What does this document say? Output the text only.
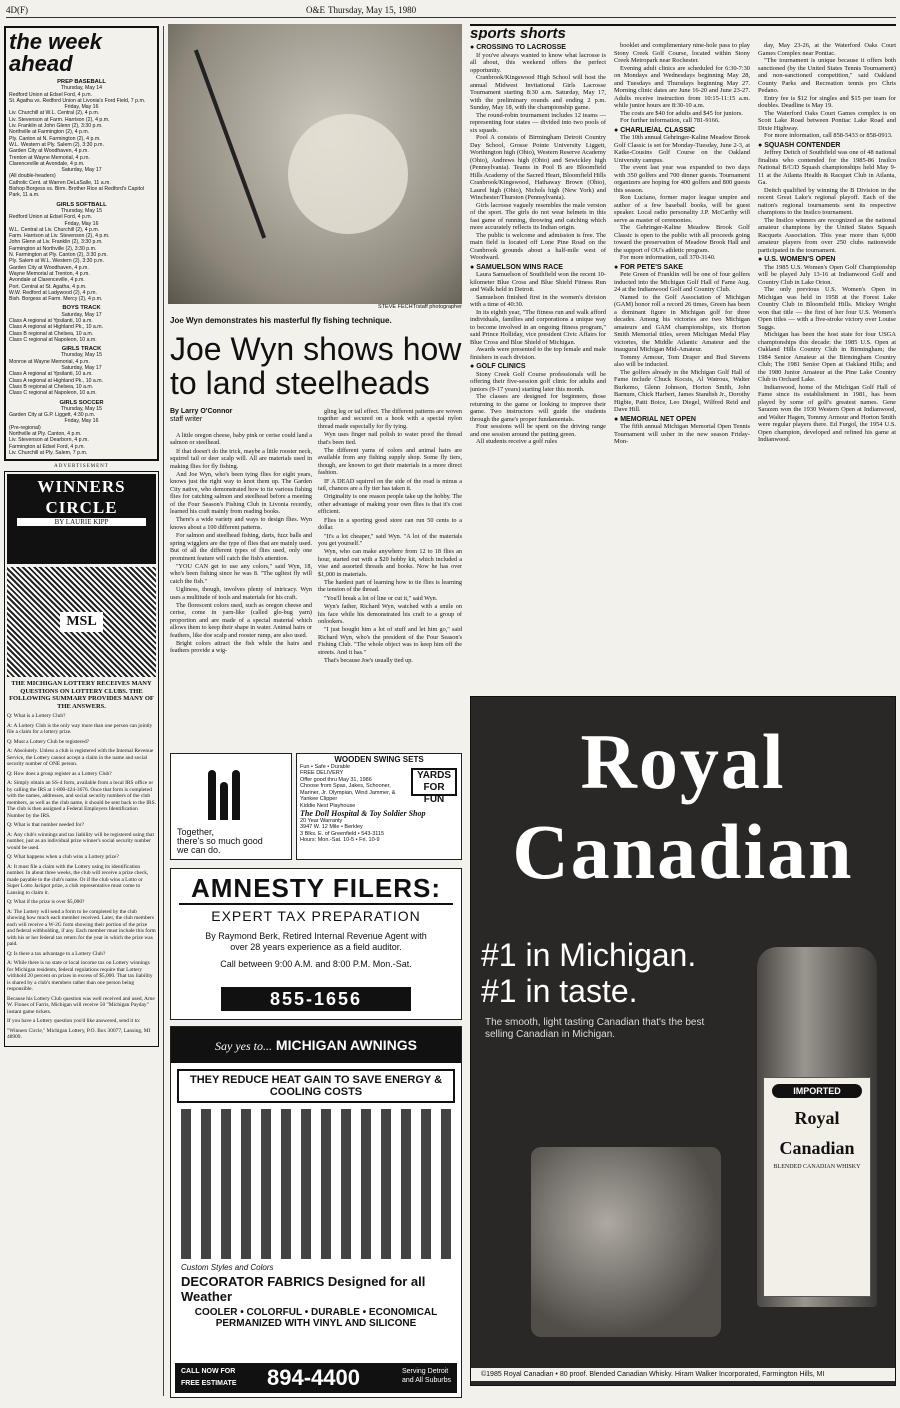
4D(F)	O&E Thursday, May 15, 1980
the week
ahead
PREP BASEBALL
Thursday, May 14
Redford Union at Edsel Ford, 4 p.m.
St. Agatha vs. Redford Union at Livonia's Ford Field, 7 p.m.
Friday, May 16
Liv. Churchill at W.L. Central (2), 4 p.m.
Liv. Stevenson at Farm. Harrison (2), 4 p.m.
Liv. Franklin at John Glenn (2), 3:30 p.m.
Northville at Farmington (2), 4 p.m.
Ply. Canton at N. Farmington (2), 4 p.m.
W.L. Western at Ply. Salem (2), 3:30 p.m.
Garden City at Woodhaven, 4 p.m.
Trenton at Wayne Memorial, 4 p.m.
Clarenceville at Avondale, 4 p.m.
Saturday, May 17
(All double-headers)
Catholic Cent. at Warren DeLaSalle, 11 a.m.
Bishop Borgess vs. Birm. Brother Rice at Redford's Capitol Park, 11 a.m.
GIRLS SOFTBALL
Thursday, May 15
Redford Union at Edsel Ford, 4 p.m.
Friday, May 16
W.L. Central at Liv. Churchill (2), 4 p.m.
Farm. Harrison at Liv. Stevenson (2), 4 p.m.
John Glenn at Liv. Franklin (2), 3:30 p.m.
Farmington at Northville (2), 3:30 p.m.
N. Farmington at Ply. Canton (2), 3:30 p.m.
Ply. Salem at W.L. Western (2), 3:30 p.m.
Garden City at Woodhaven, 4 p.m.
Wayne Memorial at Trenton, 4 p.m.
Avondale at Clarenceville, 4 p.m.
Port. Central at St. Agatha, 4 p.m.
W.W. Redford at Ladywood (2), 4 p.m.
Bish. Borgess at Farm. Mercy (2), 4 p.m.
BOYS TRACK
Saturday, May 17
Class A regional at Ypsilanti, 10 a.m.
Class A regional at Highland Pk., 10 a.m.
Class B regional at Chelsea, 10 a.m.
Class C regional at Napoleon, 10 a.m.
GIRLS TRACK
Thursday, May 15
Monroe at Wayne Memorial, 4 p.m.
Saturday, May 17
Class A regional at Ypsilanti, 10 a.m.
Class A regional at Highland Pk., 10 a.m.
Class B regional at Chelsea, 10 a.m.
Class C regional at Napoleon, 10 a.m.
GIRLS SOCCER
Thursday, May 15
Garden City at G.P. Liggett, 4:30 p.m.
Friday, May 16
(Pre-regional)
Northville at Ply. Canton, 4 p.m.
Liv. Stevenson at Dearborn, 4 p.m.
Farmington at Edsel Ford, 4 p.m.
Liv. Churchill at Ply. Salem, 7 p.m.
ADVERTISEMENT
WINNERS
CIRCLE
BY LAURIE KIPP
MSL
THE MICHIGAN LOTTERY RECEIVES MANY QUESTIONS ON LOTTERY CLUBS. THE FOLLOWING SUMMARY PROVIDES MANY OF THE ANSWERS.

Q: What is a Lottery Club?

A: A Lottery Club is the only way more than one person can jointly file a claim for a lottery prize.

Q: Must a Lottery Club be registered?

A: Absolutely. Unless a club is registered with the Internal Revenue Service, the Lottery cannot accept a claim in the name and social security number of ONE person.

Q: How does a group register as a Lottery Club?

A: Simply obtain an SS-4 form, available from a local IRS office or by calling the IRS at 1-800-424-3676. Once that form is completed with the names, addresses, and social security numbers of the club members, as well as the club name, it should be sent back to the IRS. The club is then assigned a Federal Employers Identification Number by the IRS.

Q: What is that number needed for?

A: Any club's winnings and tax liability will be registered using that number, just as an individual prize winner's social security number would be used.

Q: What happens when a club wins a Lottery prize?

A: It must file a claim with the Lottery using its identification number. In about three weeks, the club will receive a prize check, made payable to the club's name. Or if the club wins a Lotto or Super Lotto Jackpot prize, a club representative must come to Lansing to claim it.

Q: What if the prize is over $5,000?

A: The Lottery will send a form to be completed by the club showing how much each member received. Later, the club members each will receive a W-2G form showing their portion of the prize and federal withholding, if any. Each member must include this form with his or her federal tax return for the year in which the prize was paid.

Q: Is there a tax advantage to a Lottery Club?

A: While there is no state or local income tax on Lottery winnings for Michigan residents, federal regulations require that Lottery withhold 20 percent on prizes in excess of $5,000. That tax liability is shared by a club's members rather than one person being responsible.

Because his Lottery Club question was well received and used, Arne W. Flones of Farris, Michigan will receive 50 "Michigan Payday" instant game tickets.

If you have a Lottery question you'd like answered, send it to:

"Winners Circle," Michigan Lottery, P.O. Box 30077, Lansing, MI 48909.

STEVE FECHT/staff photographer
Joe Wyn demonstrates his masterful fly fishing technique.
Joe Wyn shows how to land steelheads
By Larry O'Connor
staff writer

A little oregon cheese, baby pink or cerise could land a salmon or steelhead.

If that doesn't do the trick, maybe a little rooster neck, squirrel tail or deer scalp will. All are materials used in making flies for fly fishing.

And Joe Wyn, who's been tying flies for eight years, knows just the right way to knot them up. The Garden City native, who demonstrated how to tie various fishing flies for catching salmon and steelhead before a meeting of the Four Season's Fishing Club in Livonia recently, learned his craft mainly from reading books.

There's a wide variety and ways to design flies. Wyn knows about a 100 different patterns.

For salmon and steelhead fishing, darts, fuzz balls and spring wigglers are the type of flies that are mainly used. But of all the different types of flies used, only one prominent feature will catch the fish's attention.

"YOU CAN get to use any colors," said Wyn, 18, who's been fishing since he was 8. "The ugliest fly will catch the fish."

Ugliness, though, involves plenty of intricacy. Wyn uses a multitude of tools and materials for his craft.

The florescent colors used, such as oregon cheese and cerise, come in yarn-like (called glo-bug yarn) proportion and are made of a special material which allows them to keep their shape in water. Animal hairs or feathers, like doe scalp and rooster rump, are also used.

Bright colors attract the fish while the hairs and feathers provide a wig-

gling leg or tail effect. The different patterns are woven together and secured on a hook with a special nylon thread made especially for fly tying.

Wyn uses finger nail polish to water proof the thread that's been tied.

The different yarns of colors and animal hairs are available from any fishing supply shop. Some fly tiers, though, are known to get their materials in a more direct fashion.

IF A DEAD squirrel on the side of the road is minus a tail, chances are a fly tier has taken it.

Originality is one reason people take up the hobby. The other advantage of making your own flies is that it's cost efficient.

Flies in a sporting good store can run 50 cents to a dollar.

"It's a lot cheaper," said Wyn. "A lot of the materials you get yourself."

Wyn, who can make anywhere from 12 to 18 flies an hour, started out with a $20 hobby kit, which included a vise and assorted threads and books. Now he has over $1,000 in materials.

The hardest part of learning how to tie flies is learning the tension of the thread.

"You'll break a lot of line or cut it," said Wyn.

Wyn's father, Richard Wyn, watched with a smile on his face while his demonstrated his craft to a group of onlookers.

"I just bought him a lot of stuff and let him go," said Richard Wyn, who's the president of the Four Season's Fishing Club. "The whole object was to keep him off the streets. And it has."

That's because Joe's usually tied up.

sports shorts
● CROSSING TO LACROSSE

If you've always wanted to know what lacrosse is all about, this weekend offers the perfect opportunity.

Cranbrook/Kingswood High School will host the annual Midwest Invitational Girls Lacrosse Tournament starting 8:30 a.m. Saturday, May 17, with the preliminary rounds and ending 2 p.m. Sunday, May 18, with the championship game.

The round-robin tournament includes 12 teams — representing four states — divided into two pools of six squads.

Pool A consists of Birmingham Detroit Country Day School, Grosse Pointe University Liggett, Worthington high (Ohio), Western Reserve Academy (Ohio), Andrews high (Ohio) and Sewickley high (Pennsylvania). Teams in Pool B are Bloomfield Hills Academy of the Sacred Heart, Bloomfield Hills Cranbrook/Kingswood, Hathaway Brown (Ohio), Laurel high (Ohio), Nichols high (New York) and Winchester/Thurston (Pennsylvania).

Girls lacrosse vaguely resembles the male version of the sport. The girls do not wear helmets in this fast game of running, throwing and catching which more accurately reflects its Indian origin.

The public is welcome and admission is free. The main field is located off Lone Pine Road on the Cranbrook grounds about a half-mile west of Woodward.

● SAMUELSON WINS RACE

Laura Samuelson of Southfield won the recent 10-kilometer Blue Cross and Blue Shield Fitness Run and Walk held in Detroit.

Samuelson finished first in the women's division with a time of 40:30.

In its eighth year, "The fitness run and walk afford individuals, families and corporations a unique way to become involved in an ongoing fitness program," said Prince Holliday, vice president Civic Affairs for Blue Cross and Blue Shield of Michigan.

Awards were presented to the top female and male finishers in each division.

● GOLF CLINICS

Stony Creek Golf Course professionals will be offering their five-session golf clinic for adults and juniors (9-17 years) starting later this month.

The classes are designed for beginners, those returning to the game or looking to improve their game. Two instructors will guide the students through the game's proper fundamentals.

Four sessions will be spent on the driving range and one session around the putting green.

All students receive a golf rules

booklet and complimentary nine-hole pass to play Stony Creek Golf Course, located within Stony Creek Metropark near Rochester.

Evening adult clinics are scheduled for 6:30-7:30 on Mondays and Wednesdays beginning May 28, and Tuesdays and Thursdays beginning May 27. Morning clinic dates are June 16-20 and June 23-27. Adults receive instruction from 10:15-11:15 a.m. while junior hours are 8:30-10 a.m.

The costs are $40 for adults and $45 for juniors.

For further information, call 781-9166.

● CHARLIE/AL CLASSIC

The 10th annual Gehringer-Kaline Meadow Brook Golf Classic is set for Monday-Tuesday, June 2-3, at Katke-Cousins Golf Course on the Oakland University campus.

The event last year was expanded to two days with 350 golfers and 700 dinner guests. Tournament organizers are hoping for 400 golfers and 800 guests this season.

Ron Luciano, former major league umpire and author of a few baseball books, will be guest speaker. Local radio personality J.P. McCarthy will serve as master of ceremonies.

The Gehringer-Kaline Meadow Brook Golf Classic is open to the public with all proceeds going toward the preservation of Meadow Brook Hall and the support of OU's athletic program.

For more information, call 370-3140.

● FOR PETE'S SAKE

Pete Green of Franklin will be one of four golfers inducted into the Michigan Golf Hall of Fame Aug. 24 at the Indianwood Golf and Country Club.

Named to the Golf Association of Michigan (GAM) honor roll a record 26 times, Green has been a dominant figure in Michigan golf for three decades. Among his victories are two Michigan amateurs and GAM championships, six Horton Smith Memorial titles, seven Michigan Medal Play victories, the Middle Atlantic Amateur and the inaugural Michigan Mid-Amateur.

Tommy Armour, Tom Draper and Bud Stevens also will be inducted.

The golfers already in the Michigan Golf Hall of Fame include Chuck Kocsis, Al Watrous, Walter Burkemo, Glenn Johnson, Horton Smith, John Barnum, Chick Harbert, James Standish Jr., Dorothy Higbie, Patti Boice, Leo Diegel, Wilfred Reid and Dave Hill.

● MEMORIAL NET OPEN

The fifth annual Michigan Memorial Open Tennis Tournament will usher in the new season Friday-Mon-

day, May 23-26, at the Waterford Oaks Court Games Complex near Pontiac.

"The tournament is unique because it offers both sanctioned (by the United States Tennis Tournament) and non-sanctioned competition," said Oakland County Parks and Recreation tennis pro Chris Pedano.

Entry fee is $12 for singles and $15 per team for doubles. Deadline is May 19.

The Waterford Oaks Court Games complex is on Scott Lake Road between Pontiac Lake Road and Dixie Highway.

For more information, call 858-5433 or 858-0913.

● SQUASH CONTENDER

Jeffrey Deitch of Southfield was one of 48 national finalists who contended for the 1985-86 Insilco National B/C/D Squash championships held May 9-11 at the Atlanta Health & Racquet Club in Atlanta, Ga.

Deitch qualified by winning the B Division in the recent Great Lake's regional playoff. Each of the nation's regional tournaments sent its respective champions to the Insilco tournament.

The Insilco winners are recognized as the national amateur champions by the United States Squash Racquets Association. This year more than 6,000 amateur players from over 250 clubs nationwide participated in the tournament.

● U.S. WOMEN'S OPEN

The 1985 U.S. Women's Open Golf Championship will be played July 13-16 at Indianwood Golf and Country Club in Lake Orion.

The only previous U.S. Women's Open in Michigan was held in 1958 at the Forest Lake Country Club in Bloomfield Hills. Mickey Wright won that title — the first of her four U.S. Women's Open titles — with a five-stroke victory over Louise Suggs.

Michigan has been the host state for four USGA championships this decade: the 1985 U.S. Open at Oakland Hills Country Club in Birmingham; the 1984 Senior Amateur at the Birmingham Country Club; The 1981 Senior Open at Oakland Hills; and the 1980 Junior Amateur at the Pine Lake Country Club in Orchard Lake.

Indianwood, home of the Michigan Golf Hall of Fame since its establishment in 1981, has been played by some of golf's greatest names. Gene Sarazen won the 1930 Western Open at Indianwood, and Walter Hagen, Tommy Armour and Horton Smith were regular players there. Ed Furgol, the 1954 U.S. Open champion, developed and refined his game at Indianwood.

Together,
there's so much good
we can do.
WOODEN SWING SETS
Fun • Safe • Durable
FREE DELIVERY
Offer good thru May 31, 1986
Choose from Spas, Jakes, Schooner, Mariner, Jr. Olympian, Wind Jammer, & Yankee Clipper
Kiddie Nest Playhouse
YARDS FOR FUN
The Doll Hospital & Toy Soldier Shop
20 Year Warranty
3947 W. 12 Mile • Berkley
3 Blks. E. of Greenfield • 543-3115
Hours: Mon.-Sat. 10-5 • Fri. 10-9
AMNESTY FILERS:
EXPERT TAX PREPARATION
By Raymond Berk, Retired Internal Revenue Agent with over 28 years experience as a field auditor.
Call between 9:00 A.M. and 8:00 P.M. Mon.-Sat.
855-1656
Say yes to... MICHIGAN AWNINGS
THEY REDUCE HEAT GAIN TO SAVE ENERGY & COOLING COSTS
Custom Styles and Colors
DECORATOR FABRICS Designed for all Weather
COOLER • COLORFUL • DURABLE • ECONOMICAL
PERMANIZED WITH VINYL AND SILICONE
CALL NOW FOR
FREE ESTIMATE 894-4400	Serving Detroit
and All Suburbs
Royal
Canadian
#1 in Michigan.
#1 in taste.
The smooth, light tasting Canadian that's the best selling Canadian in Michigan.
IMPORTED
Royal
Canadian
BLENDED CANADIAN WHISKY
©1985 Royal Canadian • 80 proof. Blended Canadian Whisky. Hiram Walker Incorporated, Farmington Hills, MI
